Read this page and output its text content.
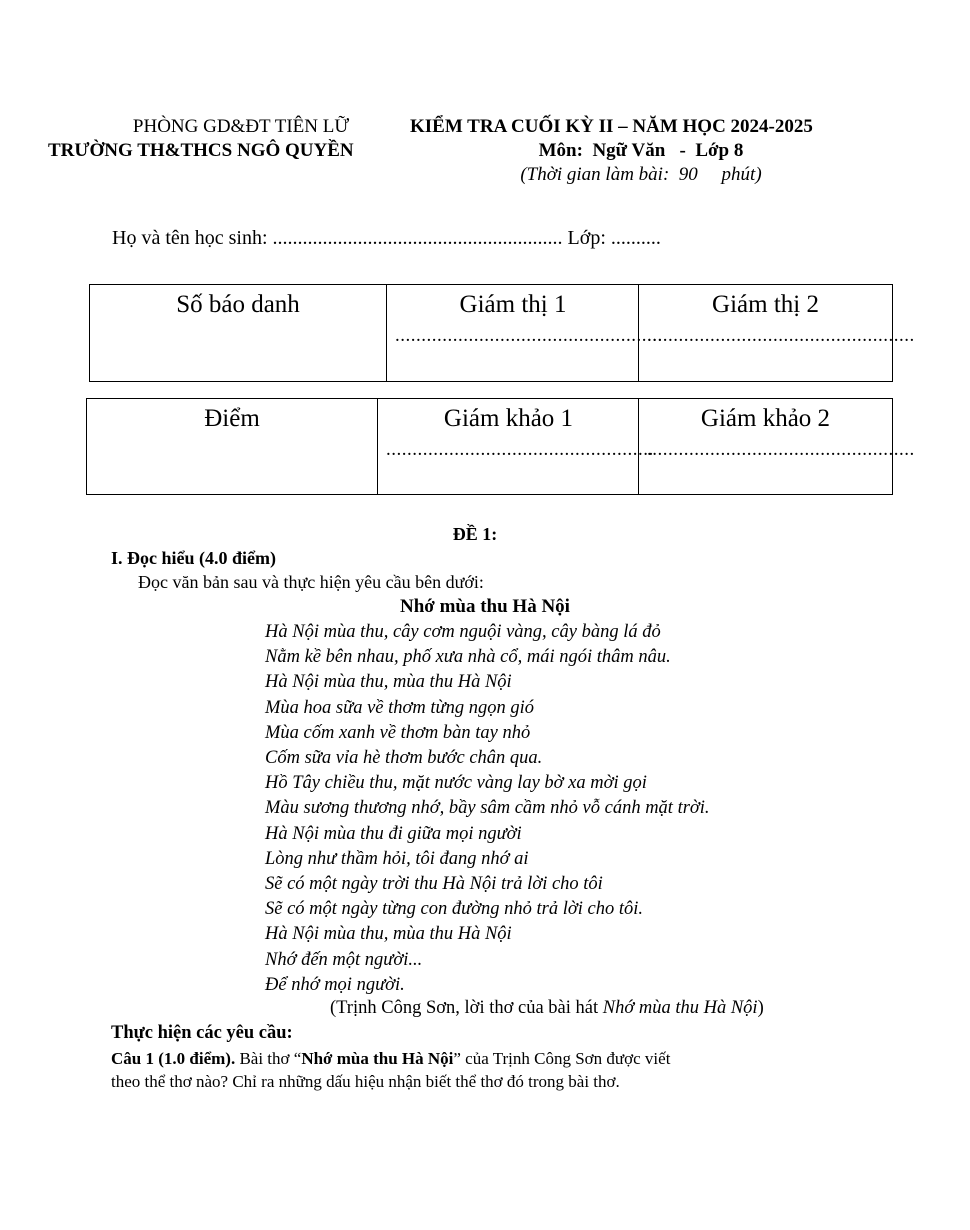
PHÒNG GD&ĐT TIÊN LỮ
TRƯỜNG TH&THCS NGÔ QUYỀN
KIỂM TRA CUỐI KỲ II – NĂM HỌC 2024-2025
Môn:  Ngữ Văn   -  Lớp 8
(Thời gian làm bài:  90     phút)
Họ và tên học sinh: .......................................................... Lớp: ..........
Số báo danh	Giám thị 1
...................................................
Giám thị 2
...................................................
Điểm	Giám khảo 1
...................................................
Giám khảo 2
...................................................
ĐỀ 1:
I. Đọc hiểu (4.0 điểm)
Đọc văn bản sau và thực hiện yêu cầu bên dưới:
Nhớ mùa thu Hà Nội
Hà Nội mùa thu, cây cơm nguội vàng, cây bàng lá đỏ
Nằm kề bên nhau, phố xưa nhà cổ, mái ngói thâm nâu.
Hà Nội mùa thu, mùa thu Hà Nội
Mùa hoa sữa về thơm từng ngọn gió
Mùa cốm xanh về thơm bàn tay nhỏ
Cốm sữa vỉa hè thơm bước chân qua.
Hồ Tây chiều thu, mặt nước vàng lay bờ xa mời gọi
Màu sương thương nhớ, bầy sâm cầm nhỏ vỗ cánh mặt trời.
Hà Nội mùa thu đi giữa mọi người
Lòng như thầm hỏi, tôi đang nhớ ai
Sẽ có một ngày trời thu Hà Nội trả lời cho tôi
Sẽ có một ngày từng con đường nhỏ trả lời cho tôi.
Hà Nội mùa thu, mùa thu Hà Nội
Nhớ đến một người...
Để nhớ mọi người.
(Trịnh Công Sơn, lời thơ của bài hát Nhớ mùa thu Hà Nội)
Thực hiện các yêu cầu:
Câu 1 (1.0 điểm). Bài thơ “Nhớ mùa thu Hà Nội” của Trịnh Công Sơn được viết
theo thể thơ nào? Chỉ ra những dấu hiệu nhận biết thể thơ đó trong bài thơ.
